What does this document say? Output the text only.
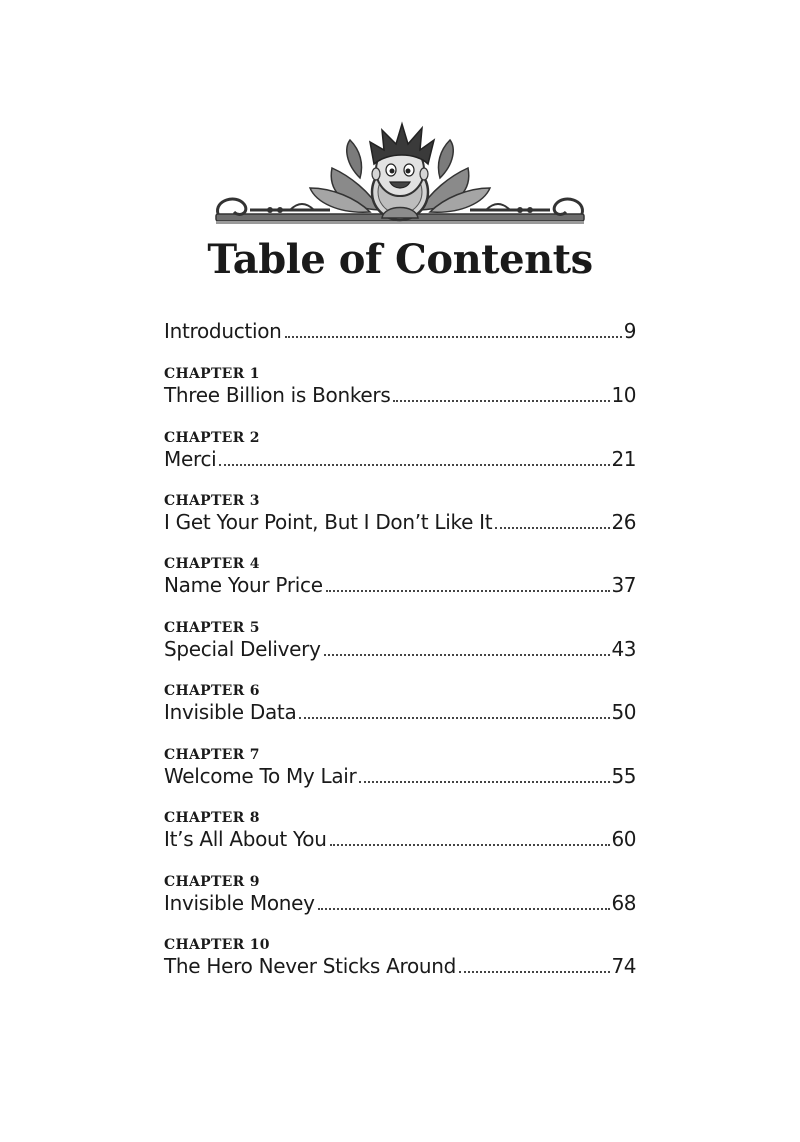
Table of Contents
Introduction	9
CHAPTER 1
Three Billion is Bonkers	10
CHAPTER 2
Merci	21
CHAPTER 3
I Get Your Point, But I Don’t Like It	26
CHAPTER 4
Name Your Price	37
CHAPTER 5
Special Delivery	43
CHAPTER 6
Invisible Data	50
CHAPTER 7
Welcome To My Lair	55
CHAPTER 8
It’s All About You	60
CHAPTER 9
Invisible Money	68
CHAPTER 10
The Hero Never Sticks Around	74
